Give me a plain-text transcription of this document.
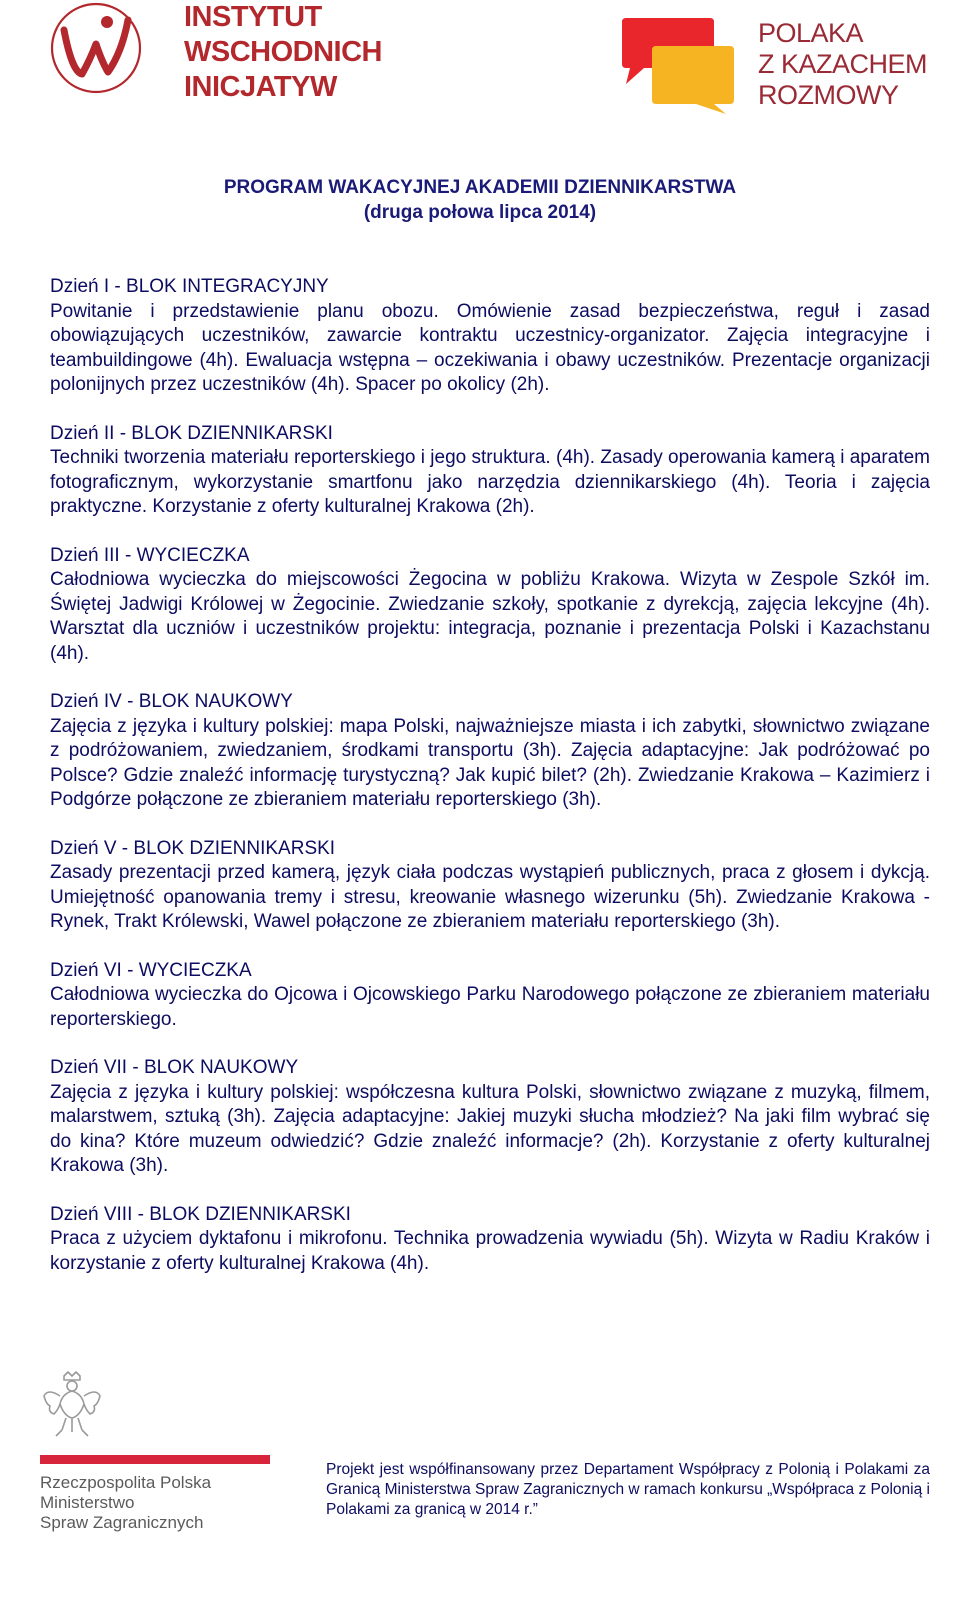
INSTYTUT
WSCHODNICH
INICJATYW
POLAKA
Z KAZACHEM
ROZMOWY
PROGRAM WAKACYJNEJ AKADEMII DZIENNIKARSTWA
(druga połowa lipca 2014)
Dzień I - BLOK INTEGRACYJNY
Powitanie i przedstawienie planu obozu. Omówienie zasad bezpieczeństwa, reguł i zasad obowiązujących uczestników, zawarcie kontraktu uczestnicy-organizator. Zajęcia integracyjne i teambuildingowe (4h). Ewaluacja wstępna – oczekiwania i obawy uczestników. Prezentacje organizacji polonijnych przez uczestników (4h). Spacer po okolicy (2h).
Dzień II - BLOK DZIENNIKARSKI
Techniki tworzenia materiału reporterskiego i jego struktura. (4h). Zasady operowania kamerą i aparatem fotograficznym, wykorzystanie smartfonu jako narzędzia dziennikarskiego (4h). Teoria i zajęcia praktyczne. Korzystanie z oferty kulturalnej Krakowa (2h).
Dzień III - WYCIECZKA
Całodniowa wycieczka do miejscowości Żegocina w pobliżu Krakowa. Wizyta w Zespole Szkół im. Świętej Jadwigi Królowej w Żegocinie. Zwiedzanie szkoły, spotkanie z dyrekcją, zajęcia lekcyjne (4h). Warsztat dla uczniów i uczestników projektu: integracja, poznanie i prezentacja Polski i Kazachstanu (4h).
Dzień IV - BLOK NAUKOWY
Zajęcia z języka i kultury polskiej: mapa Polski, najważniejsze miasta i ich zabytki, słownictwo związane z podróżowaniem, zwiedzaniem, środkami transportu (3h). Zajęcia adaptacyjne: Jak podróżować po Polsce? Gdzie znaleźć informację turystyczną? Jak kupić bilet? (2h). Zwiedzanie Krakowa – Kazimierz i Podgórze połączone ze zbieraniem materiału reporterskiego (3h).
Dzień V - BLOK DZIENNIKARSKI
Zasady prezentacji przed kamerą, język ciała podczas wystąpień publicznych, praca z głosem i dykcją. Umiejętność opanowania tremy i stresu, kreowanie własnego wizerunku (5h). Zwiedzanie Krakowa - Rynek, Trakt Królewski, Wawel połączone ze zbieraniem materiału reporterskiego (3h).
Dzień VI - WYCIECZKA
Całodniowa wycieczka do Ojcowa i Ojcowskiego Parku Narodowego połączone ze zbieraniem materiału reporterskiego.
Dzień VII - BLOK NAUKOWY
Zajęcia z języka i kultury polskiej: współczesna kultura Polski, słownictwo związane z muzyką, filmem, malarstwem, sztuką (3h). Zajęcia adaptacyjne: Jakiej muzyki słucha młodzież? Na jaki film wybrać się do kina? Które muzeum odwiedzić? Gdzie znaleźć informacje? (2h). Korzystanie z oferty kulturalnej Krakowa (3h).
Dzień VIII - BLOK DZIENNIKARSKI
Praca z użyciem dyktafonu i mikrofonu. Technika prowadzenia wywiadu (5h). Wizyta w Radiu Kraków i korzystanie z oferty kulturalnej Krakowa (4h).
Rzeczpospolita Polska
Ministerstwo
Spraw Zagranicznych
Projekt jest współfinansowany przez Departament Współpracy z Polonią i Polakami za Granicą Ministerstwa Spraw Zagranicznych w ramach konkursu „Współpraca z Polonią i Polakami za granicą w 2014 r.”
